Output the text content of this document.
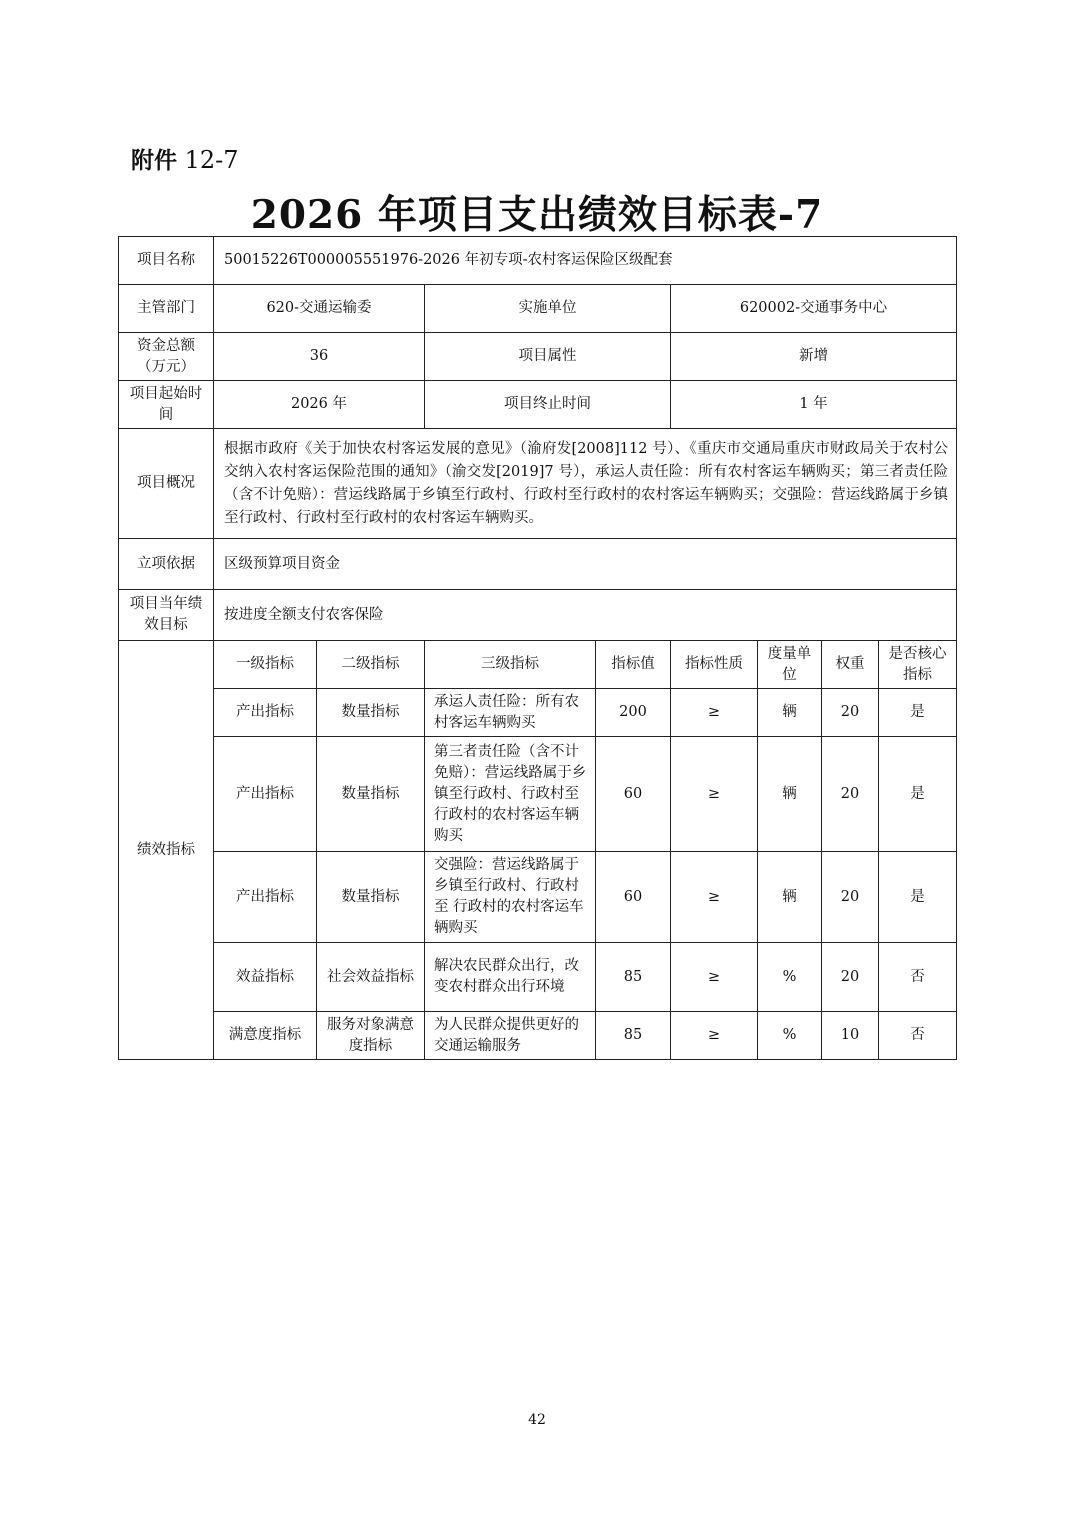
附件 12-7
2026 年项目支出绩效目标表-7
项目名称	50015226T000005551976-2026 年初专项-农村客运保险区级配套							
主管部门	620-交通运输委		实施单位		620002-交通事务中心			
资金总额（万元）	36		项目属性		新增			
项目起始时间	2026 年		项目终止时间		1 年			
项目概况	根据市政府《关于加快农村客运发展的意见》（渝府发[2008]112 号）、《重庆市交通局重庆市财政局关于农村公交纳入农村客运保险范围的通知》（渝交发[2019]7 号），承运人责任险：所有农村客运车辆购买；第三者责任险（含不计免赔）：营运线路属于乡镇至行政村、行政村至行政村的农村客运车辆购买；交强险：营运线路属于乡镇至行政村、行政村至行政村的农村客运车辆购买。							
立项依据	区级预算项目资金							
项目当年绩效目标	按进度全额支付农客保险							
绩效指标	一级指标	二级指标	三级指标	指标值	指标性质	度量单位	权重	是否核心指标
	产出指标	数量指标	承运人责任险：所有农村客运车辆购买	200	≥	辆	20	是
	产出指标	数量指标	第三者责任险（含不计免赔）：营运线路属于乡镇至行政村、行政村至行政村的农村客运车辆购买	60	≥	辆	20	是
	产出指标	数量指标	交强险：营运线路属于乡镇至行政村、行政村至 行政村的农村客运车辆购买	60	≥	辆	20	是
	效益指标	社会效益指标	解决农民群众出行，改变农村群众出行环境	85	≥	%	20	否
	满意度指标	服务对象满意度指标	为人民群众提供更好的交通运输服务	85	≥	%	10	否
42
